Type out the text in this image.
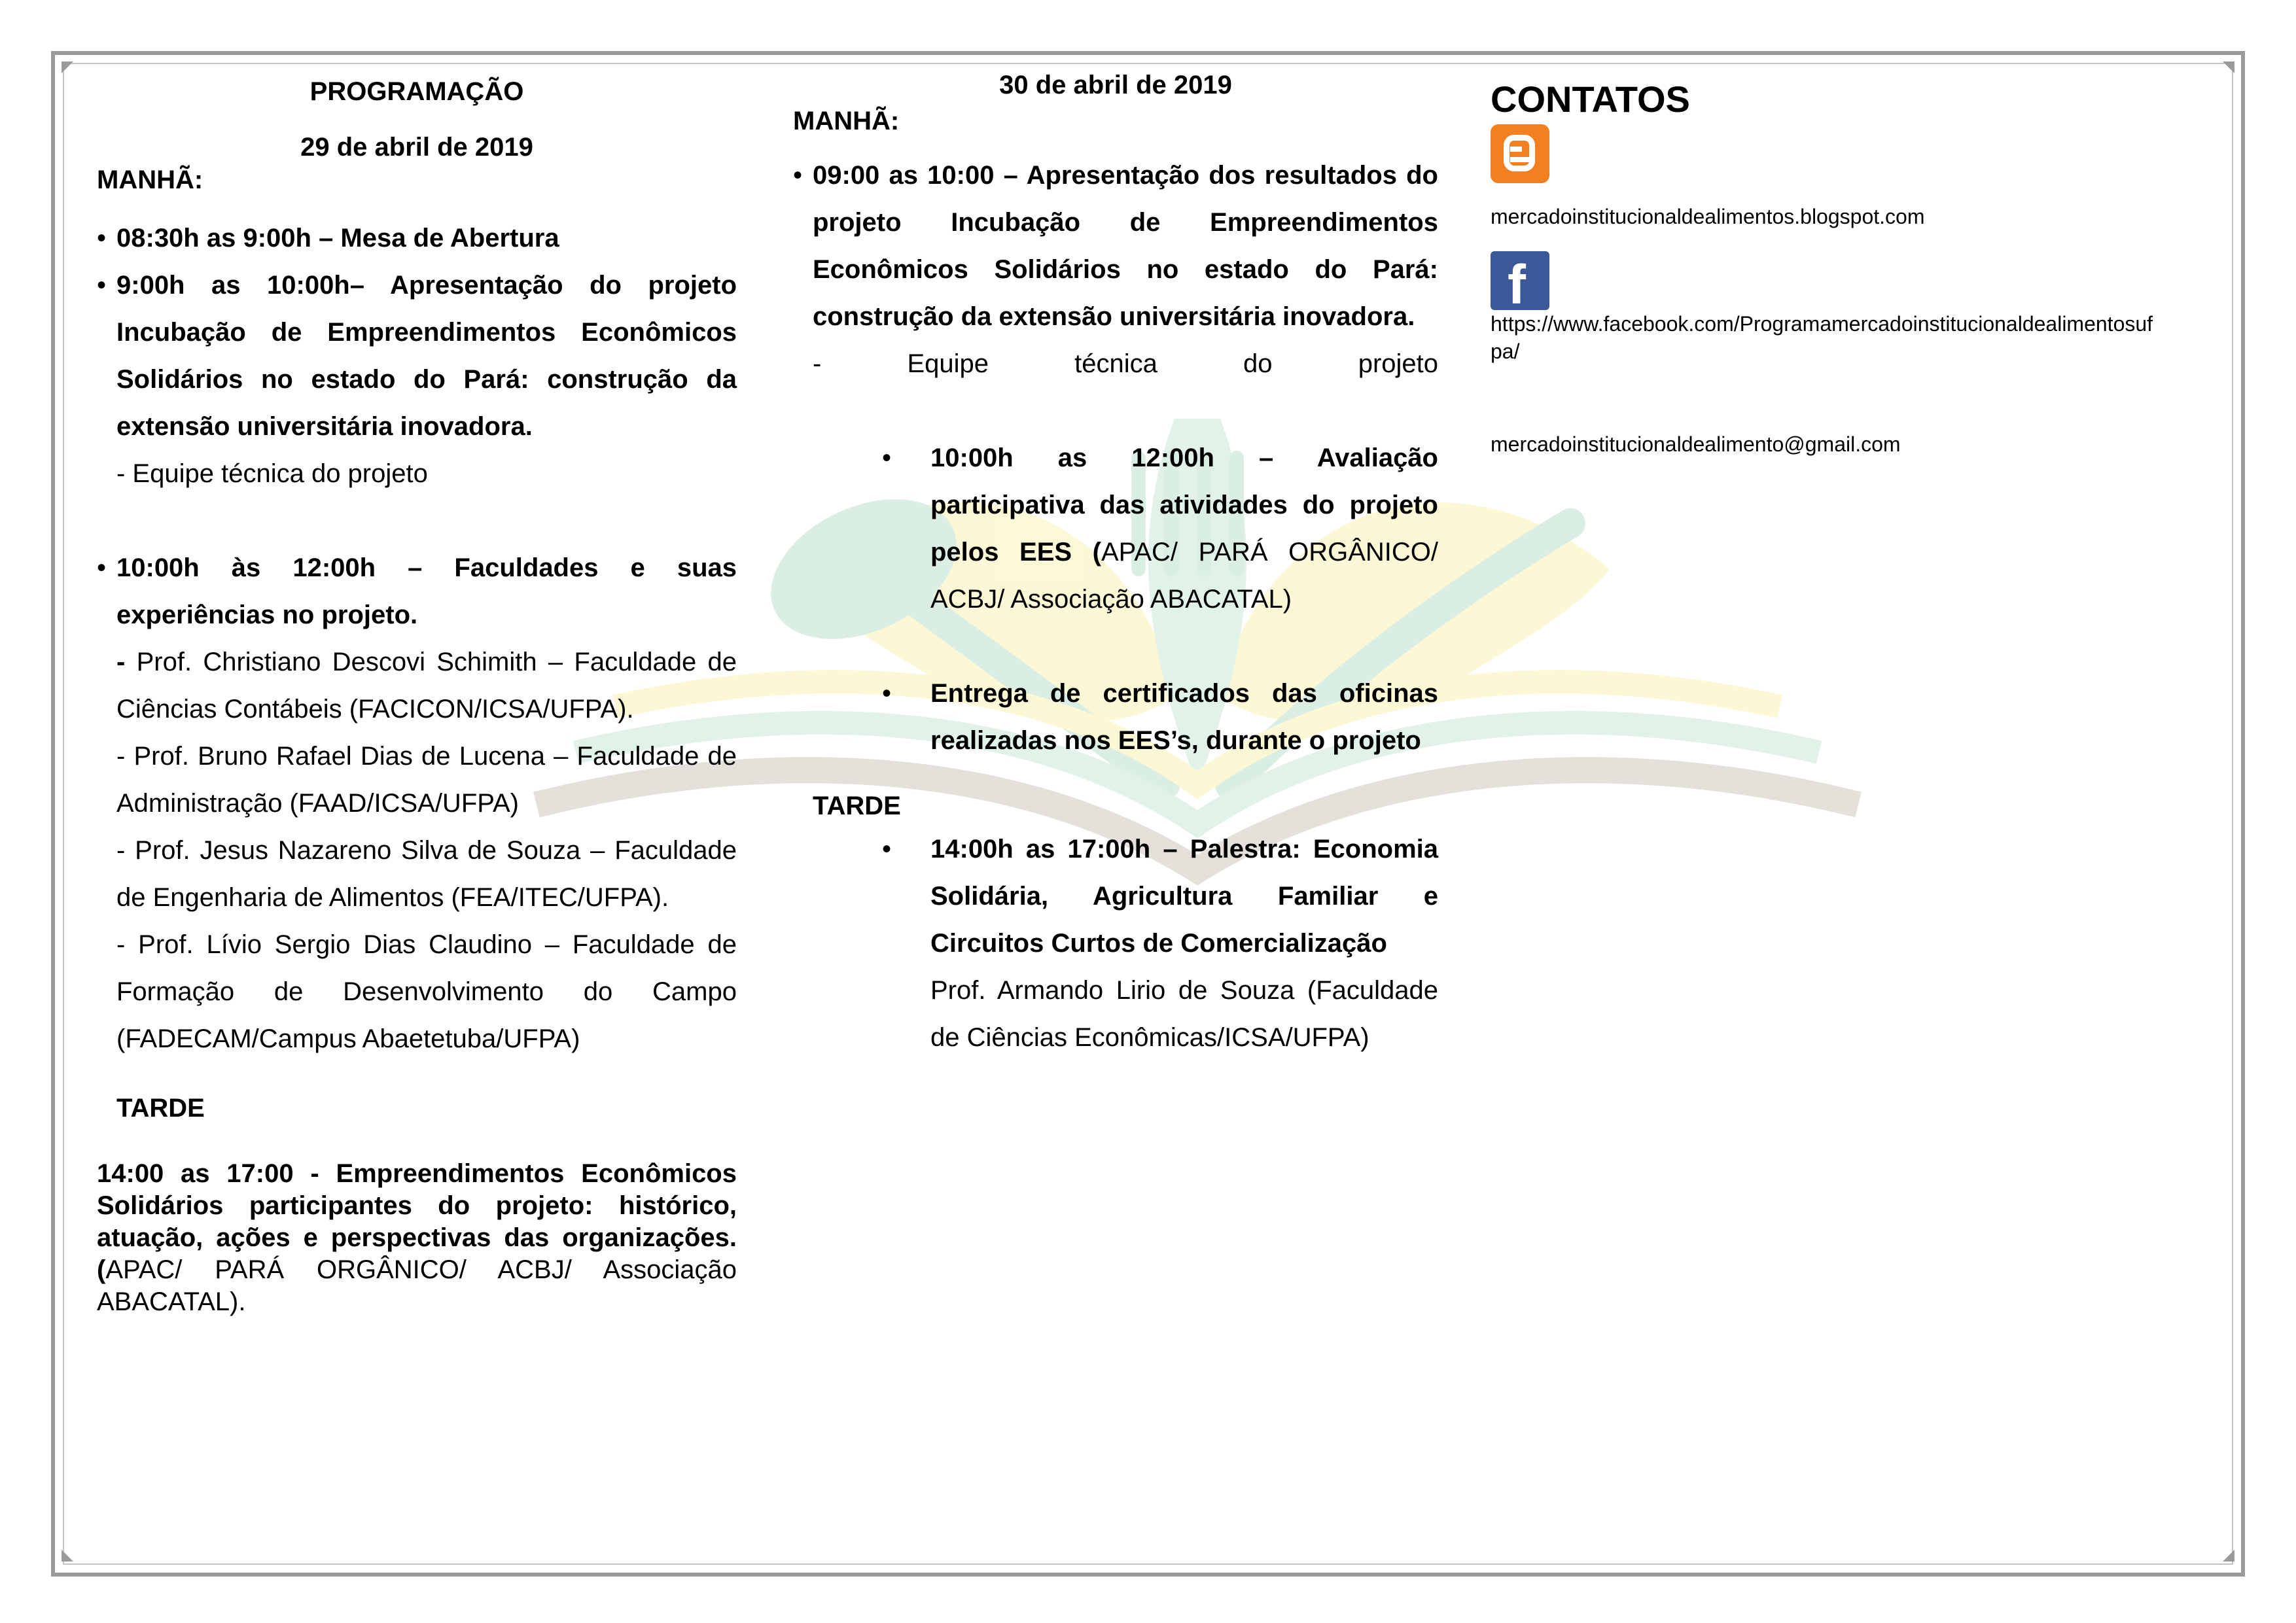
PROGRAMAÇÃO
29 de abril de 2019
MANHÃ:
• 08:30h as 9:00h – Mesa de Abertura
• 9:00h as 10:00h– Apresentação do projeto Incubação de Empreendimentos Econômicos Solidários no estado do Pará: construção da extensão universitária inovadora.
- Equipe técnica do projeto
• 10:00h às 12:00h – Faculdades e suas experiências no projeto.
- Prof. Christiano Descovi Schimith – Faculdade de Ciências Contábeis (FACICON/ICSA/UFPA).
- Prof. Bruno Rafael Dias de Lucena – Faculdade de Administração (FAAD/ICSA/UFPA)
- Prof. Jesus Nazareno Silva de Souza – Faculdade de Engenharia de Alimentos (FEA/ITEC/UFPA).
- Prof. Lívio Sergio Dias Claudino – Faculdade de Formação de Desenvolvimento do Campo (FADECAM/Campus Abaetetuba/UFPA)
TARDE
14:00 as 17:00 - Empreendimentos Econômicos Solidários participantes do projeto: histórico, atuação, ações e perspectivas das organizações. (APAC/ PARÁ ORGÂNICO/ ACBJ/ Associação ABACATAL).
30 de abril de 2019
MANHÃ:
• 09:00 as 10:00 – Apresentação dos resultados do projeto Incubação de Empreendimentos Econômicos Solidários no estado do Pará: construção da extensão universitária inovadora.
- Equipe técnica do projeto
• 10:00h as 12:00h – Avaliação participativa das atividades do projeto pelos EES (APAC/ PARÁ ORGÂNICO/ ACBJ/ Associação ABACATAL)
• Entrega de certificados das oficinas realizadas nos EES’s, durante o projeto
TARDE
• 14:00h as 17:00h – Palestra: Economia Solidária, Agricultura Familiar e Circuitos Curtos de Comercialização
Prof. Armando Lirio de Souza (Faculdade de Ciências Econômicas/ICSA/UFPA)
CONTATOS
mercadoinstitucionaldealimentos.blogspot.com
f
https://www.facebook.com/Programamercadoinstitucionaldealimentosufpa/
mercadoinstitucionaldealimento@gmail.com
